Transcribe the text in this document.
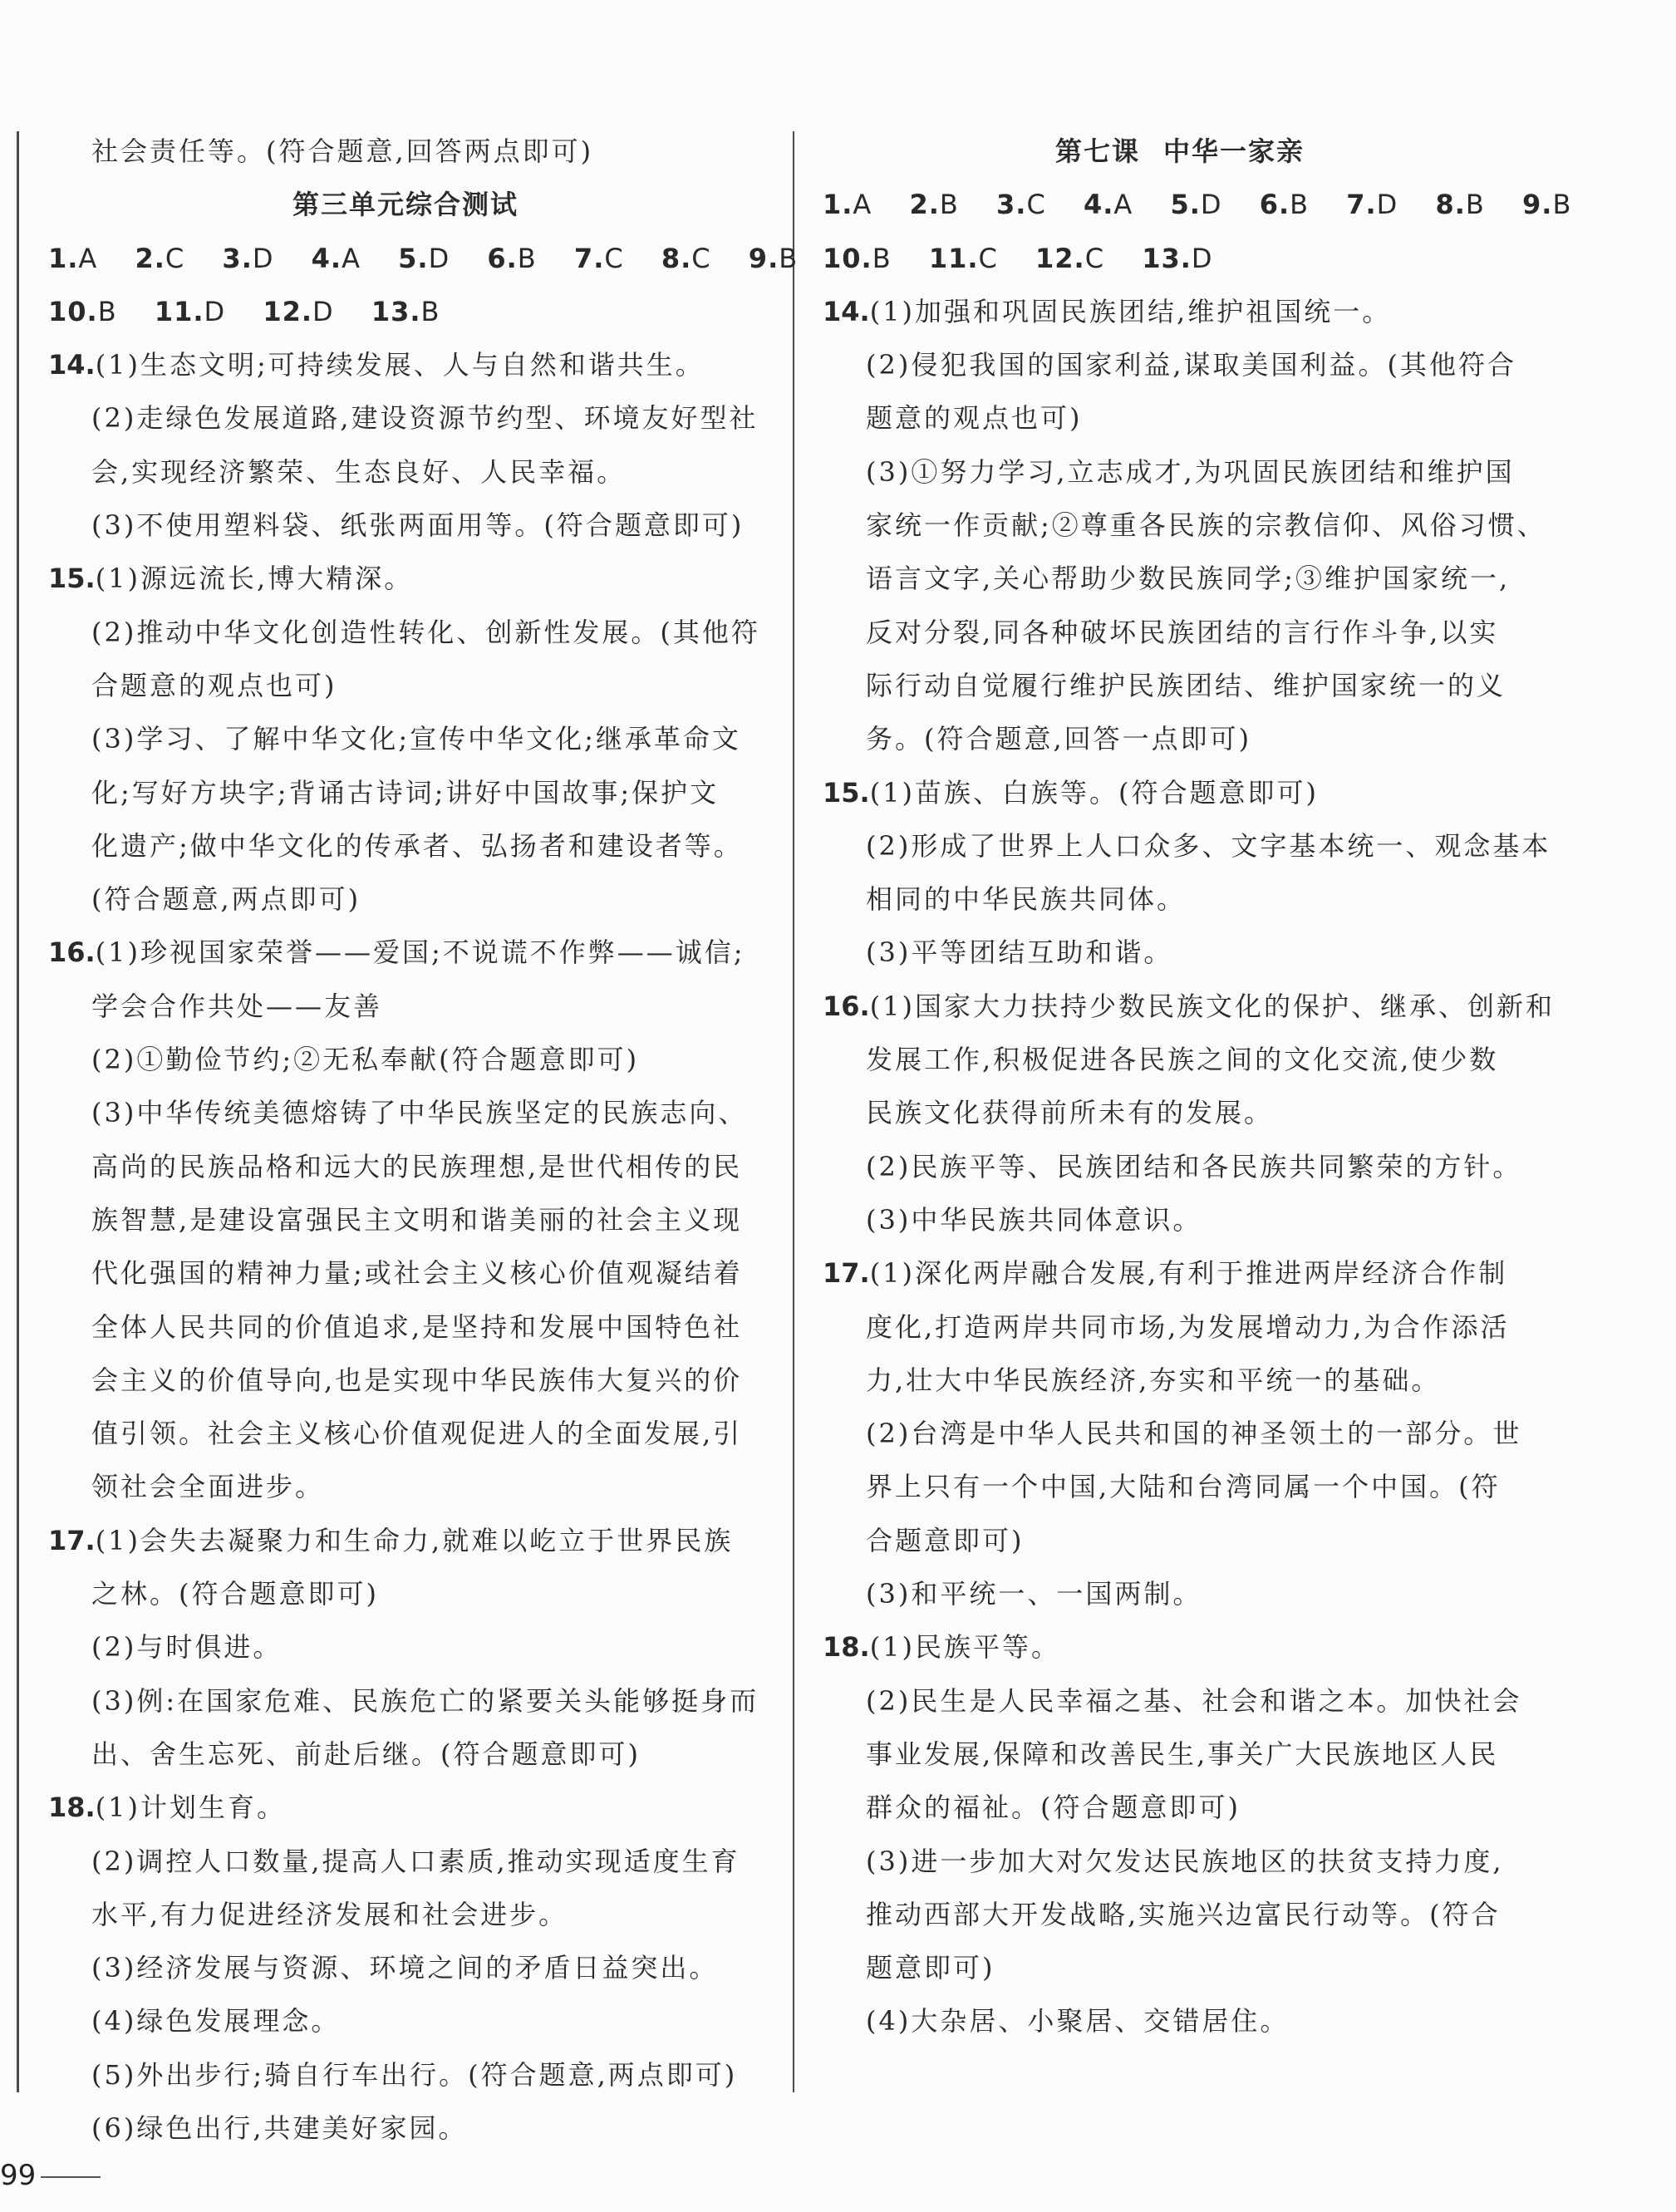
社会责任等。(符合题意,回答两点即可)
第三单元综合测试
1.A 2.C 3.D 4.A 5.D 6.B 7.C 8.C 9.B
10.B 11.D 12.D 13.B
14.(1)生态文明;可持续发展、人与自然和谐共生。
(2)走绿色发展道路,建设资源节约型、环境友好型社
会,实现经济繁荣、生态良好、人民幸福。
(3)不使用塑料袋、纸张两面用等。(符合题意即可)
15.(1)源远流长,博大精深。
(2)推动中华文化创造性转化、创新性发展。(其他符
合题意的观点也可)
(3)学习、了解中华文化;宣传中华文化;继承革命文
化;写好方块字;背诵古诗词;讲好中国故事;保护文
化遗产;做中华文化的传承者、弘扬者和建设者等。
(符合题意,两点即可)
16.(1)珍视国家荣誉——爱国;不说谎不作弊——诚信;
学会合作共处——友善
(2)①勤俭节约;②无私奉献(符合题意即可)
(3)中华传统美德熔铸了中华民族坚定的民族志向、
高尚的民族品格和远大的民族理想,是世代相传的民
族智慧,是建设富强民主文明和谐美丽的社会主义现
代化强国的精神力量;或社会主义核心价值观凝结着
全体人民共同的价值追求,是坚持和发展中国特色社
会主义的价值导向,也是实现中华民族伟大复兴的价
值引领。社会主义核心价值观促进人的全面发展,引
领社会全面进步。
17.(1)会失去凝聚力和生命力,就难以屹立于世界民族
之林。(符合题意即可)
(2)与时俱进。
(3)例:在国家危难、民族危亡的紧要关头能够挺身而
出、舍生忘死、前赴后继。(符合题意即可)
18.(1)计划生育。
(2)调控人口数量,提高人口素质,推动实现适度生育
水平,有力促进经济发展和社会进步。
(3)经济发展与资源、环境之间的矛盾日益突出。
(4)绿色发展理念。
(5)外出步行;骑自行车出行。(符合题意,两点即可)
(6)绿色出行,共建美好家园。
第七课 中华一家亲
1.A 2.B 3.C 4.A 5.D 6.B 7.D 8.B 9.B
10.B 11.C 12.C 13.D
14.(1)加强和巩固民族团结,维护祖国统一。
(2)侵犯我国的国家利益,谋取美国利益。(其他符合
题意的观点也可)
(3)①努力学习,立志成才,为巩固民族团结和维护国
家统一作贡献;②尊重各民族的宗教信仰、风俗习惯、
语言文字,关心帮助少数民族同学;③维护国家统一,
反对分裂,同各种破坏民族团结的言行作斗争,以实
际行动自觉履行维护民族团结、维护国家统一的义
务。(符合题意,回答一点即可)
15.(1)苗族、白族等。(符合题意即可)
(2)形成了世界上人口众多、文字基本统一、观念基本
相同的中华民族共同体。
(3)平等团结互助和谐。
16.(1)国家大力扶持少数民族文化的保护、继承、创新和
发展工作,积极促进各民族之间的文化交流,使少数
民族文化获得前所未有的发展。
(2)民族平等、民族团结和各民族共同繁荣的方针。
(3)中华民族共同体意识。
17.(1)深化两岸融合发展,有利于推进两岸经济合作制
度化,打造两岸共同市场,为发展增动力,为合作添活
力,壮大中华民族经济,夯实和平统一的基础。
(2)台湾是中华人民共和国的神圣领土的一部分。世
界上只有一个中国,大陆和台湾同属一个中国。(符
合题意即可)
(3)和平统一、一国两制。
18.(1)民族平等。
(2)民生是人民幸福之基、社会和谐之本。加快社会
事业发展,保障和改善民生,事关广大民族地区人民
群众的福祉。(符合题意即可)
(3)进一步加大对欠发达民族地区的扶贫支持力度,
推动西部大开发战略,实施兴边富民行动等。(符合
题意即可)
(4)大杂居、小聚居、交错居住。
99
